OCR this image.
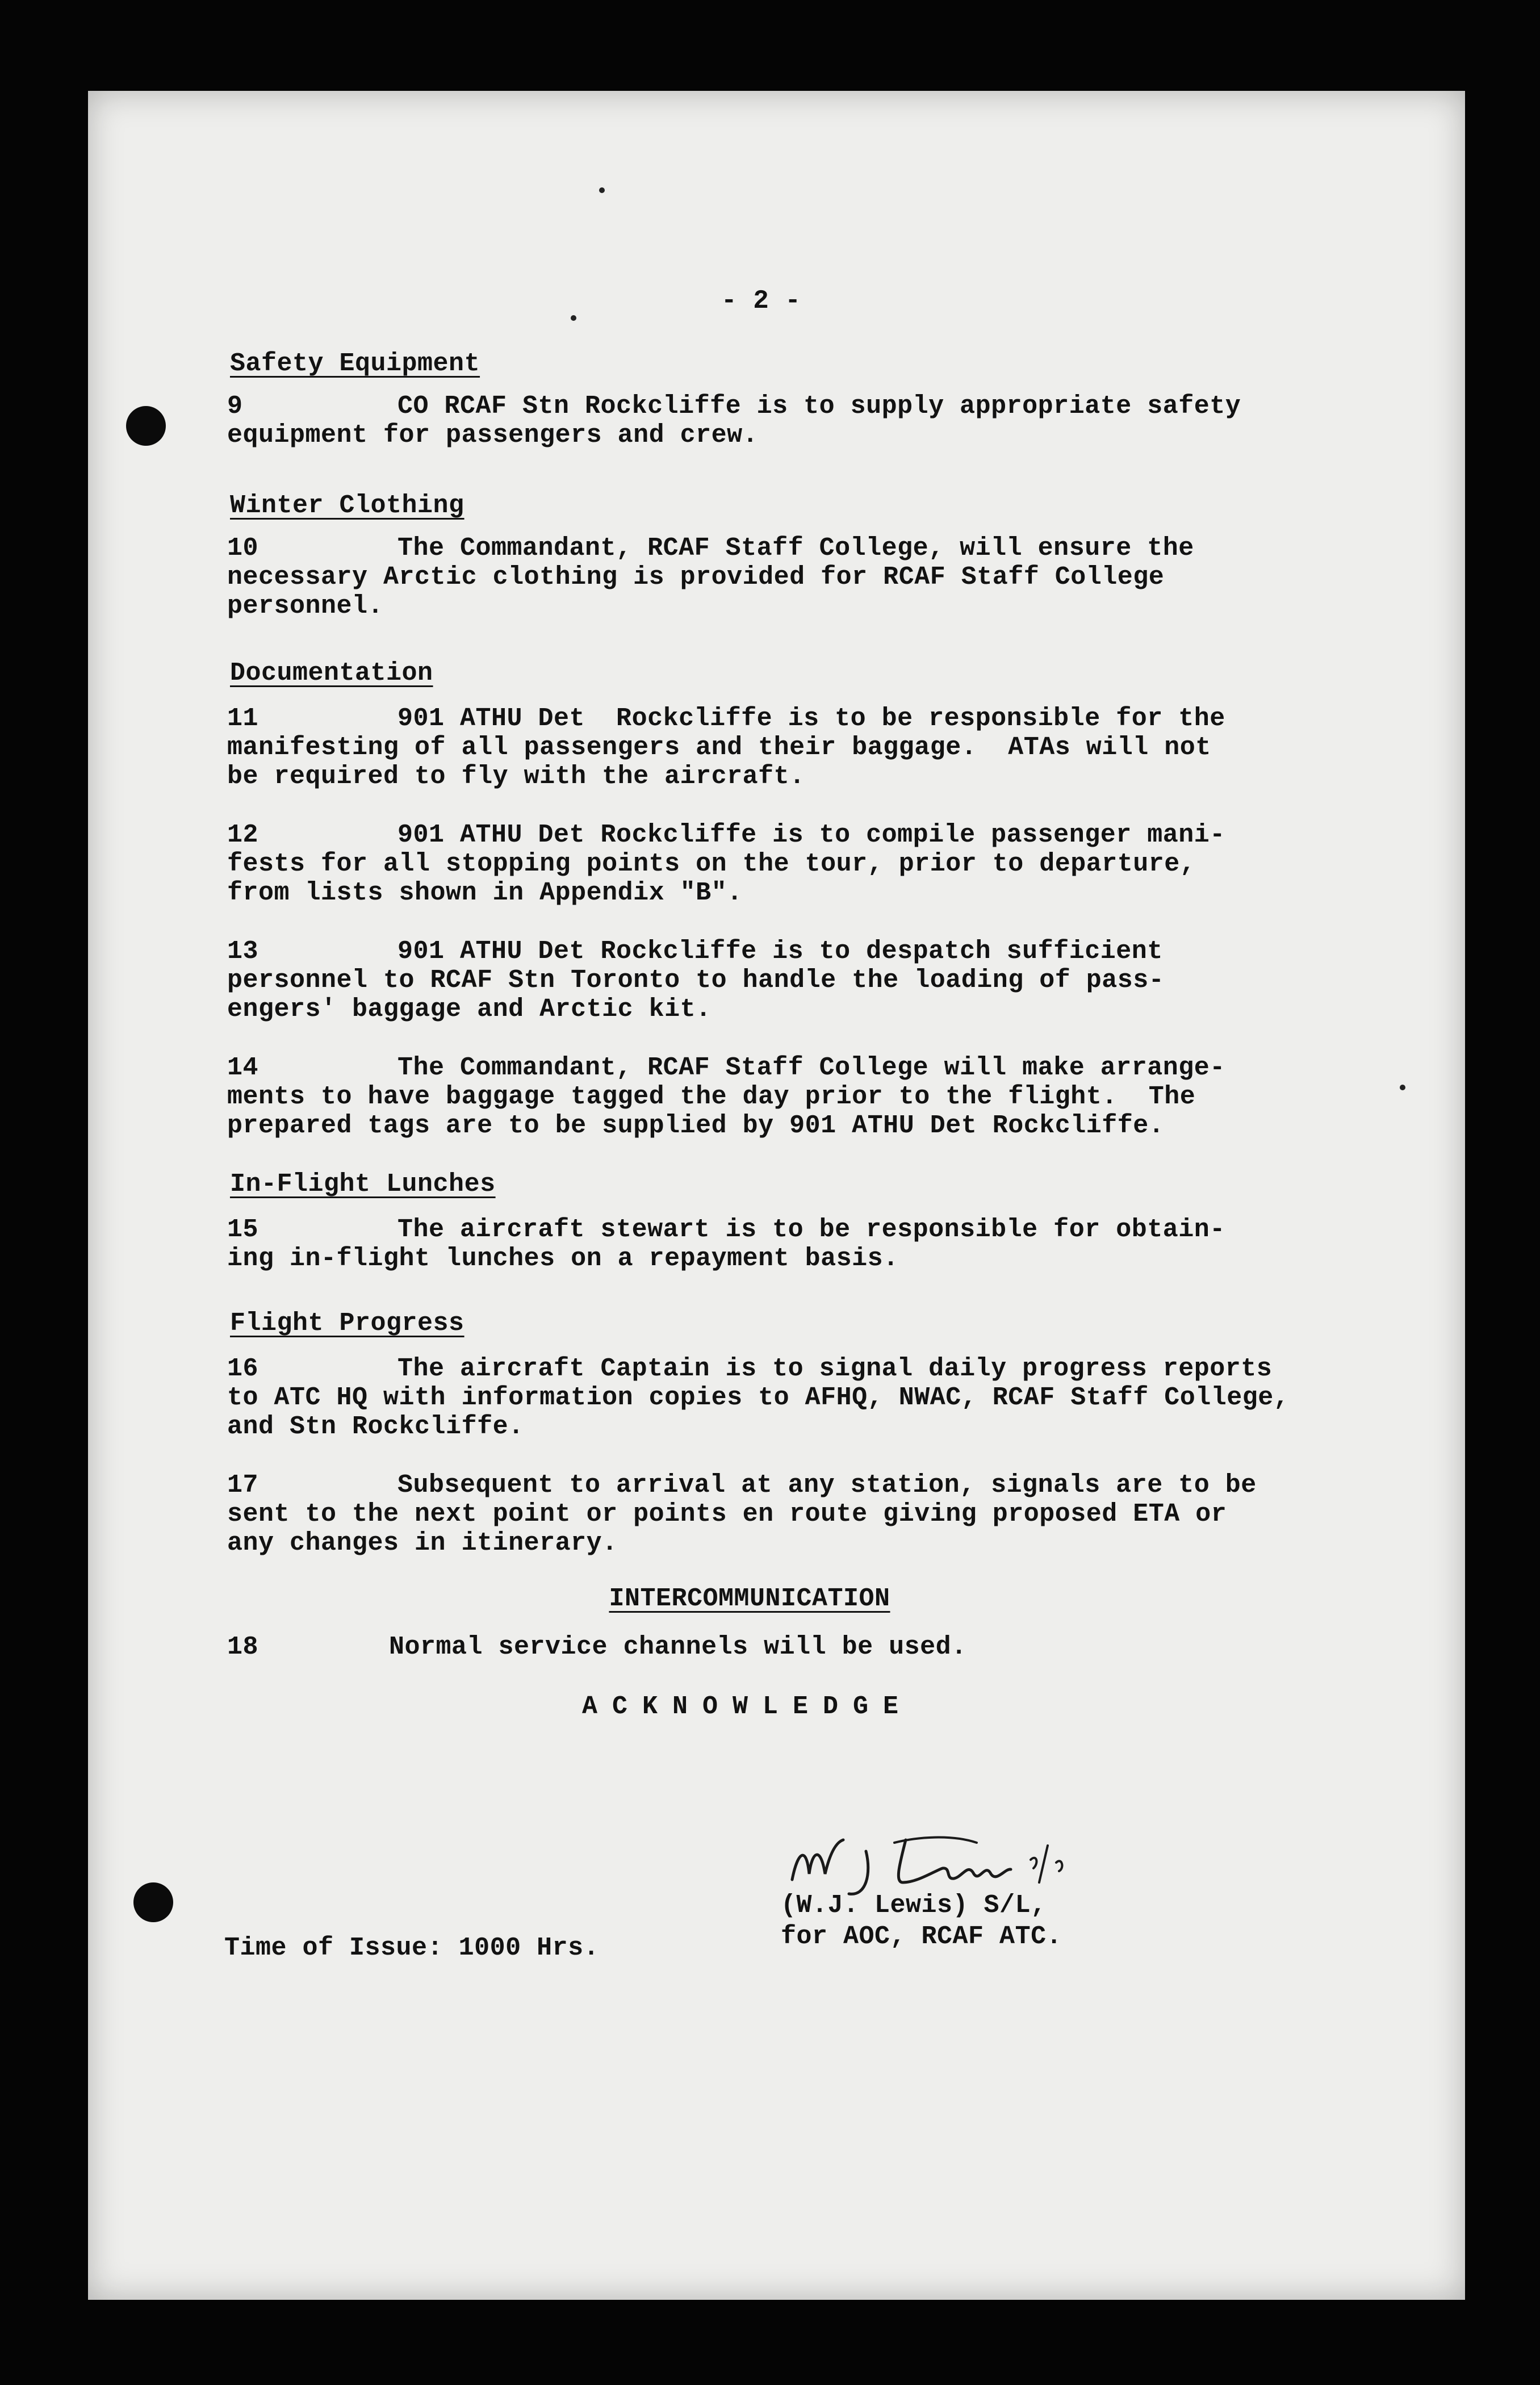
- 2 -
Safety Equipment
9	CO RCAF Stn Rockcliffe is to supply appropriate safety
equipment for passengers and crew.
Winter Clothing
10	The Commandant, RCAF Staff College, will ensure the
necessary Arctic clothing is provided for RCAF Staff College
personnel.
Documentation
11	901 ATHU Det  Rockcliffe is to be responsible for the
manifesting of all passengers and their baggage.  ATAs will not
be required to fly with the aircraft.
12	901 ATHU Det Rockcliffe is to compile passenger mani-
fests for all stopping points on the tour, prior to departure,
from lists shown in Appendix "B".
13	901 ATHU Det Rockcliffe is to despatch sufficient
personnel to RCAF Stn Toronto to handle the loading of pass-
engers' baggage and Arctic kit.
14	The Commandant, RCAF Staff College will make arrange-
ments to have baggage tagged the day prior to the flight.  The
prepared tags are to be supplied by 901 ATHU Det Rockcliffe.
In-Flight Lunches
15	The aircraft stewart is to be responsible for obtain-
ing in-flight lunches on a repayment basis.
Flight Progress
16	The aircraft Captain is to signal daily progress reports
to ATC HQ with information copies to AFHQ, NWAC, RCAF Staff College,
and Stn Rockcliffe.
17	Subsequent to arrival at any station, signals are to be
sent to the next point or points en route giving proposed ETA or
any changes in itinerary.
INTERCOMMUNICATION
18	Normal service channels will be used.
ACKNOWLEDGE
Time of Issue: 1000 Hrs.
(W.J. Lewis) S/L,
for AOC, RCAF ATC.
